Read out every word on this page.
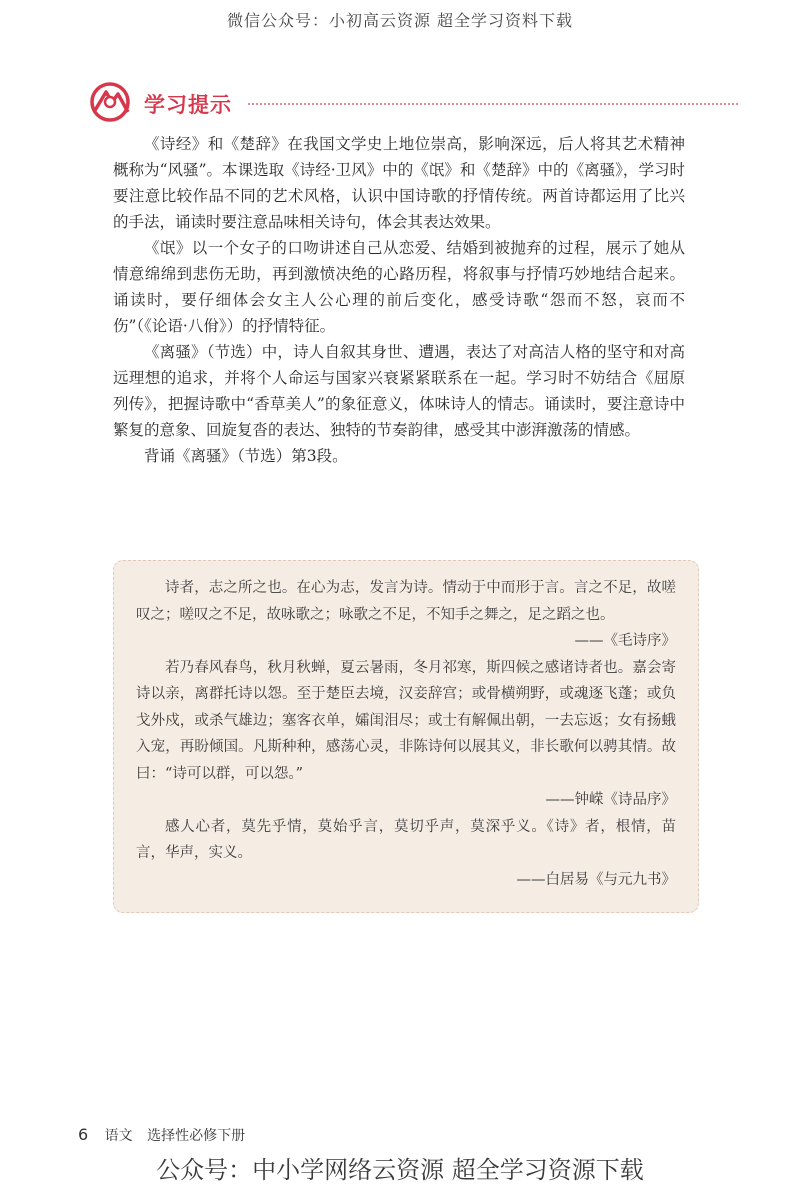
微信公众号：小初高云资源 超全学习资料下载
学习提示

《诗经》和《楚辞》在我国文学史上地位崇高，影响深远，后人将其艺术精神概称为“风骚”。本课选取《诗经·卫风》中的《氓》和《楚辞》中的《离骚》，学习时要注意比较作品不同的艺术风格，认识中国诗歌的抒情传统。两首诗都运用了比兴的手法，诵读时要注意品味相关诗句，体会其表达效果。

《氓》以一个女子的口吻讲述自己从恋爱、结婚到被抛弃的过程，展示了她从情意绵绵到悲伤无助，再到激愤决绝的心路历程，将叙事与抒情巧妙地结合起来。诵读时，要仔细体会女主人公心理的前后变化，感受诗歌“怨而不怒，哀而不伤”（《论语·八佾》）的抒情特征。

《离骚》（节选）中，诗人自叙其身世、遭遇，表达了对高洁人格的坚守和对高远理想的追求，并将个人命运与国家兴衰紧紧联系在一起。学习时不妨结合《屈原列传》，把握诗歌中“香草美人”的象征意义，体味诗人的情志。诵读时，要注意诗中繁复的意象、回旋复沓的表达、独特的节奏韵律，感受其中澎湃激荡的情感。

背诵《离骚》（节选）第3段。

诗者，志之所之也。在心为志，发言为诗。情动于中而形于言。言之不足，故嗟叹之；嗟叹之不足，故咏歌之；咏歌之不足，不知手之舞之，足之蹈之也。

——《毛诗序》

若乃春风春鸟，秋月秋蝉，夏云暑雨，冬月祁寒，斯四候之感诸诗者也。嘉会寄诗以亲，离群托诗以怨。至于楚臣去境，汉妾辞宫；或骨横朔野，或魂逐飞蓬；或负戈外戍，或杀气雄边；塞客衣单，孀闺泪尽；或士有解佩出朝，一去忘返；女有扬蛾入宠，再盼倾国。凡斯种种，感荡心灵，非陈诗何以展其义，非长歌何以骋其情。故曰：“诗可以群，可以怨。”

——钟嵘《诗品序》

感人心者，莫先乎情，莫始乎言，莫切乎声，莫深乎义。《诗》者，根情，苗言，华声，实义。

——白居易《与元九书》

6 语文 选择性必修下册
公众号：中小学网络云资源 超全学习资源下载
